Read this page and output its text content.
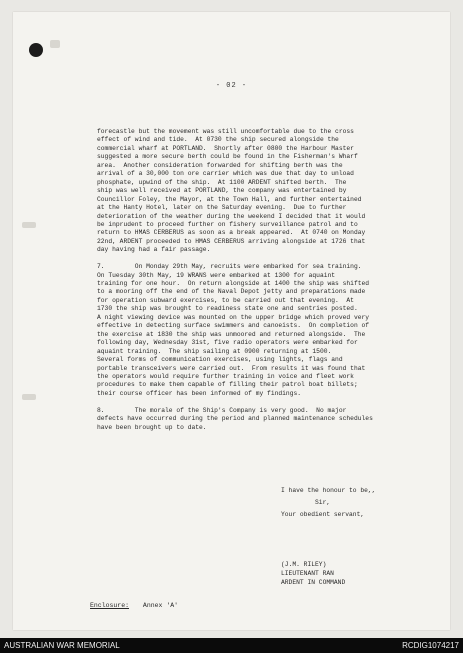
- 02 -

forecastle but the movement was still uncomfortable due to the cross
effect of wind and tide.  At 0730 the ship secured alongside the
commercial wharf at PORTLAND.  Shortly after 0800 the Harbour Master
suggested a more secure berth could be found in the Fisherman's Wharf
area.  Another consideration forwarded for shifting berth was the
arrival of a 30,000 ton ore carrier which was due that day to unload
phosphate, upwind of the ship.  At 1100 ARDENT shifted berth.  The
ship was well received at PORTLAND, the company was entertained by
Councillor Foley, the Mayor, at the Town Hall, and further entertained
at the Hanty Hotel, later on the Saturday evening.  Due to further
deterioration of the weather during the weekend I decided that it would
be inprudent to proceed further on fishery surveillance patrol and to
return to HMAS CERBERUS as soon as a break appeared.  At 0740 on Monday
22nd, ARDENT proceeded to HMAS CERBERUS arriving alongside at 1726 that
day having had a fair passage.

7.        On Monday 29th May, recruits were embarked for sea training.
On Tuesday 30th May, 19 WRANS were embarked at 1300 for aquaint
training for one hour.  On return alongside at 1400 the ship was shifted
to a mooring off the end of the Naval Depot jetty and preparations made
for operation subward exercises, to be carried out that evening.  At
1730 the ship was brought to readiness state one and sentries posted.
A night viewing device was mounted on the upper bridge which proved very
effective in detecting surface swimmers and canoeists.  On completion of
the exercise at 1830 the ship was unmoored and returned alongside.  The
following day, Wednesday 31st, five radio operators were embarked for
aquaint training.  The ship sailing at 0900 returning at 1500.
Several forms of communication exercises, using lights, flags and
portable transceivers were carried out.  From results it was found that
the operators would require further training in voice and fleet work
procedures to make them capable of filling their patrol boat billets;
their course officer has been informed of my findings.

8.        The morale of the Ship's Company is very good.  No major
defects have occurred during the period and planned maintenance schedules
have been brought up to date.

I have the honour to be,,
Sir,
Your obedient servant,
(J.M. RILEY)
LIEUTENANT RAN
ARDENT IN COMMAND
Enclosure: Annex 'A'
AUSTRALIAN WAR MEMORIAL	RCDIG1074217
